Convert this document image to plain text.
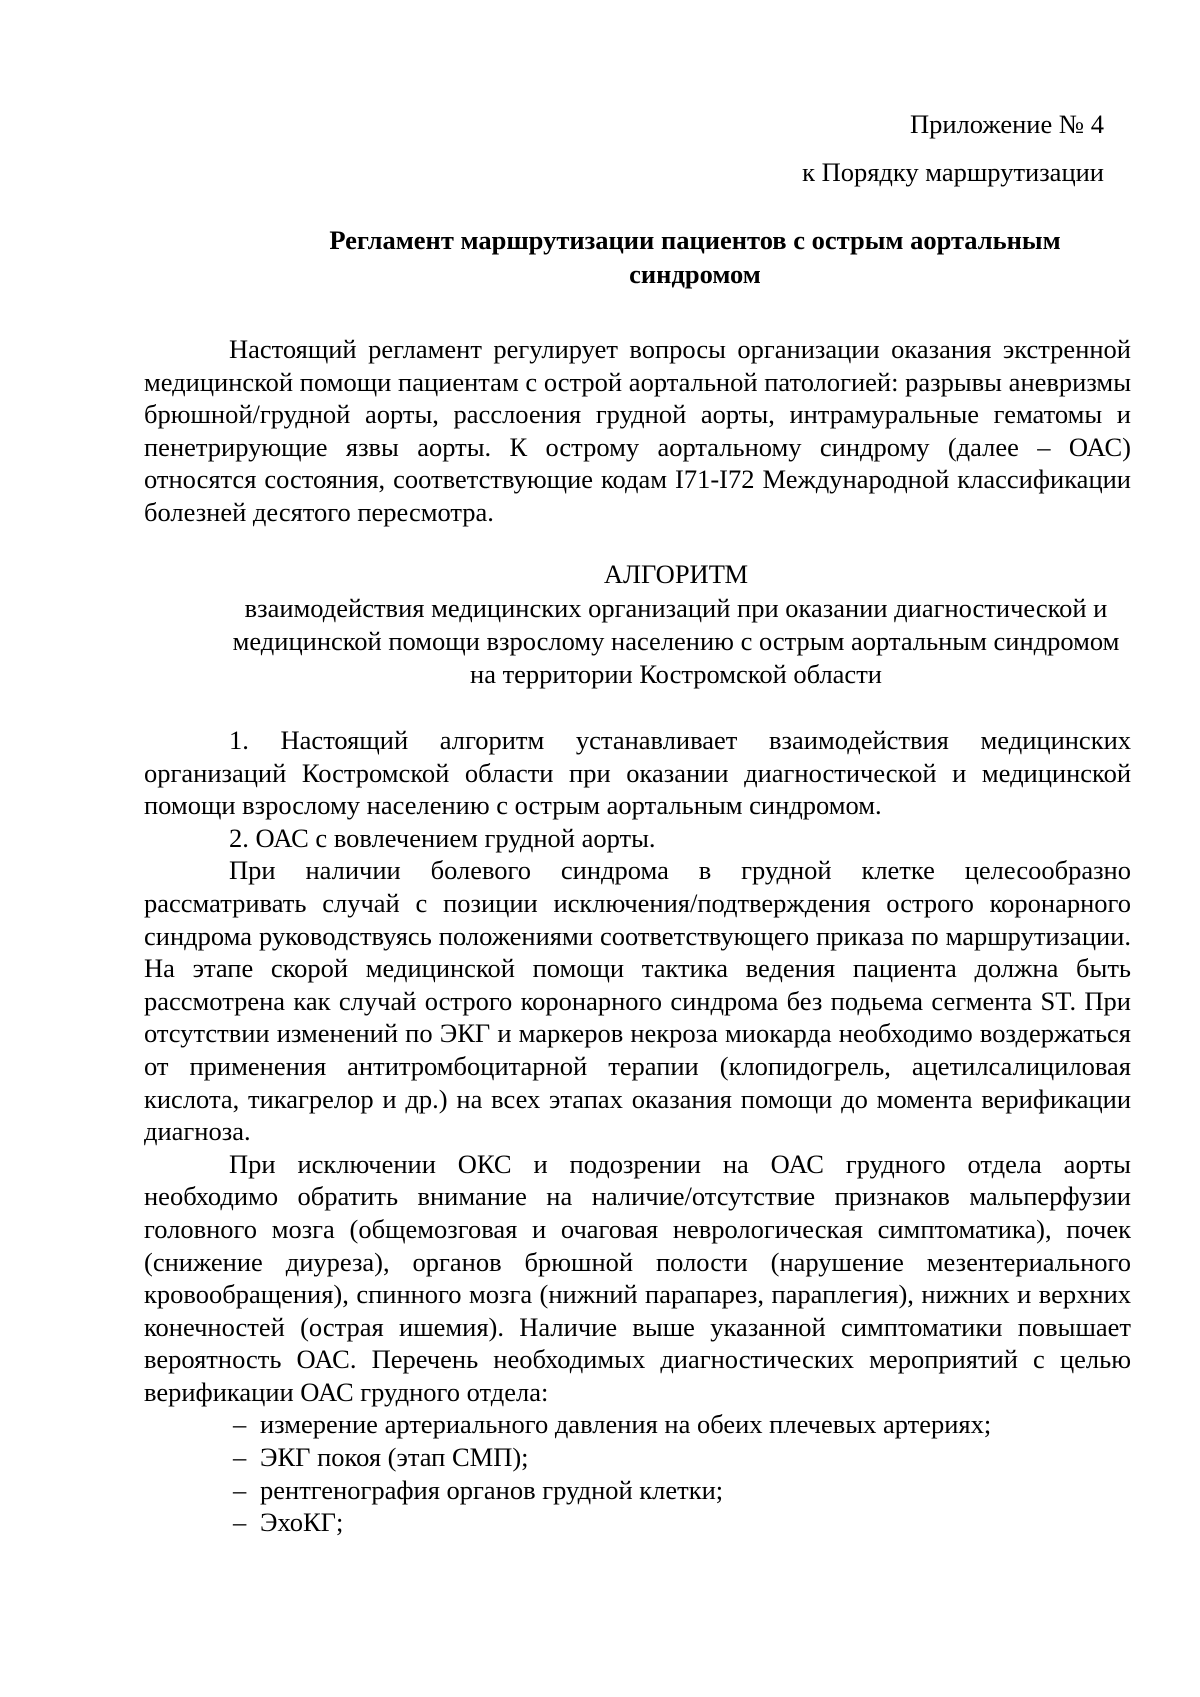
Приложение № 4
к Порядку маршрутизации
Регламент маршрутизации пациентов с острым аортальным синдромом

Настоящий регламент регулирует вопросы организации оказания экстренной медицинской помощи пациентам с острой аортальной патологией: разрывы аневризмы брюшной/грудной аорты, расслоения грудной аорты, интрамуральные гематомы и пенетрирующие язвы аорты. К острому аортальному синдрому (далее – ОАС) относятся состояния, соответствующие кодам I71-I72 Международной классификации болезней десятого пересмотра.

АЛГОРИТМ
взаимодействия медицинских организаций при оказании диагностической и медицинской помощи взрослому населению с острым аортальным синдромом на территории Костромской области

1. Настоящий алгоритм устанавливает взаимодействия медицинских организаций Костромской области при оказании диагностической и медицинской помощи взрослому населению с острым аортальным синдромом.

2. ОАС с вовлечением грудной аорты.

При наличии болевого синдрома в грудной клетке целесообразно рассматривать случай с позиции исключения/подтверждения острого коронарного синдрома руководствуясь положениями соответствующего приказа по маршрутизации. На этапе скорой медицинской помощи тактика ведения пациента должна быть рассмотрена как случай острого коронарного синдрома без подьема сегмента ST. При отсутствии изменений по ЭКГ и маркеров некроза миокарда необходимо воздержаться от применения антитромбоцитарной терапии (клопидогрель, ацетилсалициловая кислота, тикагрелор и др.) на всех этапах оказания помощи до момента верификации диагноза.

При исключении ОКС и подозрении на ОАС грудного отдела аорты необходимо обратить внимание на наличие/отсутствие признаков мальперфузии головного мозга (общемозговая и очаговая неврологическая симптоматика), почек (снижение диуреза), органов брюшной полости (нарушение мезентериального кровообращения), спинного мозга (нижний парапарез, параплегия), нижних и верхних конечностей (острая ишемия). Наличие выше указанной симптоматики повышает вероятность ОАС. Перечень необходимых диагностических мероприятий с целью верификации ОАС грудного отдела:

– измерение артериального давления на обеих плечевых артериях;
– ЭКГ покоя (этап СМП);
– рентгенография органов грудной клетки;
– ЭхоКГ;
